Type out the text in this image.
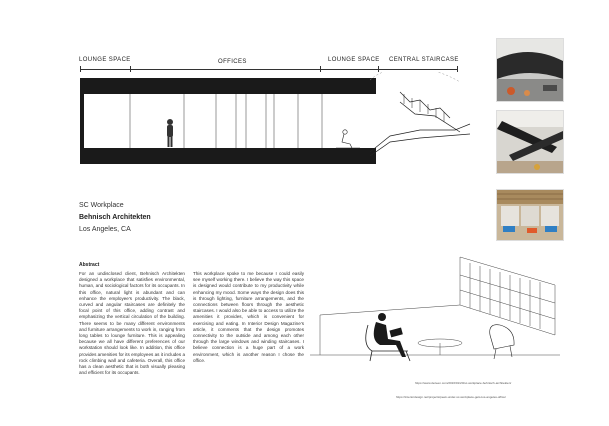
LOUNGE SPACE	OFFICES	LOUNGE SPACE CENTRAL STAIRCASE
SC Workplace
Behnisch Architekten
Los Angeles, CA
Abstract
For an undisclosed client, Behnisch Architekten designed a workplace that satisfies environmental, human, and sociological factors for its occupants. In this office, natural light is abundant and can enhance the employee’s productivity. The black, curved and angular staircases are definitely the focal point of this office, adding contrast and emphasizing the vertical circulation of the building. There seems to be many different environments and furniture arrangements to work in, ranging from long tables to lounge furniture. This is appealing because we all have different preferences of our workstation should look like. In addition, this office provides amenities for its employees as it includes a rock climbing wall and cafeteria. Overall, this office has a clean aesthetic that is both visually pleasing and efficient for its occupants.
This workplace spoke to me because I could easily see myself working there. I believe the way this space is designed would contribute to my productivity while enhancing my mood. Some ways the design does this is through lighting, furniture arrangements, and the connections between floors through the aesthetic staircases. I would also be able to access to utilize the amenities it provides, which is convenient for exercising and eating. In Interior Design Magazine’s article, it comments that the design promotes connectivity to the outside and among each other through the large windows and winding staircases. I believe connection is a huge part of a work environment, which is another reason I chose the office.
https://www.dezeen.com/2016/01/20/sc-workplace-behnisch-architekten/
https://interiordesign.net/projects/peek-under-sc-workplace-gets-los-angeles-office/
